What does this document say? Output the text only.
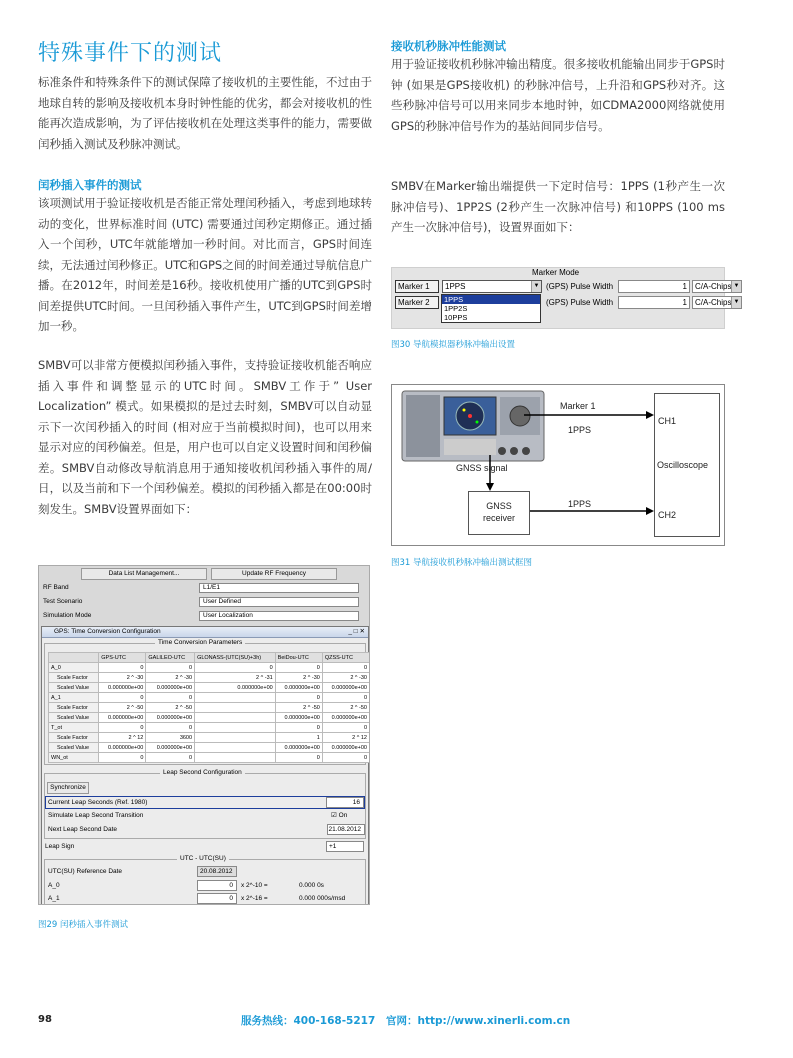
特殊事件下的测试

标准条件和特殊条件下的测试保障了接收机的主要性能，不过由于地球自转的影响及接收机本身时钟性能的优劣，都会对接收机的性能再次造成影响，为了评估接收机在处理这类事件的能力，需要做闰秒插入测试及秒脉冲测试。

闰秒插入事件的测试

该项测试用于验证接收机是否能正常处理闰秒插入，考虑到地球转动的变化，世界标准时间 (UTC) 需要通过闰秒定期修正。通过插入一个闰秒，UTC年就能增加一秒时间。对比而言，GPS时间连续，无法通过闰秒修正。UTC和GPS之间的时间差通过导航信息广播。在2012年，时间差是16秒。接收机使用广播的UTC到GPS时间差提供UTC时间。一旦闰秒插入事件产生，UTC到GPS时间差增加一秒。

SMBV可以非常方便模拟闰秒插入事件，支持验证接收机能否响应插入事件和调整显示的UTC时间。SMBV工作于” User Localization” 模式。如果模拟的是过去时刻，SMBV可以自动显示下一次闰秒插入的时间 (相对应于当前模拟时间)，也可以用来显示对应的闰秒偏差。但是，用户也可以自定义设置时间和闰秒偏差。SMBV自动修改导航消息用于通知接收机闰秒插入事件的周/日，以及当前和下一个闰秒偏差。模拟的闰秒插入都是在00:00时刻发生。SMBV设置界面如下：

Data List Management...	Update RF Frequency
RF Band	L1/E1
Test Scenario	User Defined
Simulation Mode	User Localization
GPS: Time Conversion Configuration	_ □ ✕
Time Conversion Parameters
	GPS-UTC	GALILEO-UTC	GLONASS-(UTC(SU)+3h)	BeiDou-UTC	QZSS-UTC
A_0	0	0	0	0	0
Scale Factor	2 ^ -30	2 ^ -30	2 ^ -31	2 ^ -30	2 ^ -30
Scaled Value	0.000000e+00	0.000000e+00	0.000000e+00	0.000000e+00	0.000000e+00
A_1	0	0		0	0
Scale Factor	2 ^ -50	2 ^ -50		2 ^ -50	2 ^ -50
Scaled Value	0.000000e+00	0.000000e+00		0.000000e+00	0.000000e+00
T_ot	0	0		0	0
Scale Factor	2 ^ 12	3600		1	2 ^ 12
Scaled Value	0.000000e+00	0.000000e+00		0.000000e+00	0.000000e+00
WN_ot	0	0		0	0
Leap Second Configuration
Synchronize
Current Leap Seconds (Ref. 1980)	16
Simulate Leap Second Transition	☑ On
Next Leap Second Date	21.08.2012
Leap Sign	+1
UTC - UTC(SU)
UTC(SU) Reference Date	20.08.2012
A_0	0	x 2^-10 =	0.000 0s
A_1	0	x 2^-16 =	0.000 000s/msd
图29 闰秒插入事件测试
接收机秒脉冲性能测试

用于验证接收机秒脉冲输出精度。很多接收机能输出同步于GPS时钟 (如果是GPS接收机) 的秒脉冲信号，上升沿和GPS秒对齐。这些秒脉冲信号可以用来同步本地时钟，如CDMA2000网络就使用GPS的秒脉冲信号作为的基站间同步信号。

SMBV在Marker输出端提供一下定时信号：1PPS (1秒产生一次脉冲信号)、1PP2S (2秒产生一次脉冲信号) 和10PPS (100 ms产生一次脉冲信号)，设置界面如下：

Marker Mode
Marker 1	1PPS	▼ (GPS) Pulse Width	1	C/A-Chips ▼
Marker 2	(GPS) Pulse Width	1	C/A-Chips ▼
1PPS
1PP2S
10PPS
图30 导航模拟器秒脉冲输出设置
GNSS
receiver
CH1
Oscilloscope
CH2
Marker 1
1PPS
GNSS signal
1PPS
图31 导航接收机秒脉冲输出测试框图
98	服务热线：400-168-5217 官网：http://www.xinerli.com.cn
